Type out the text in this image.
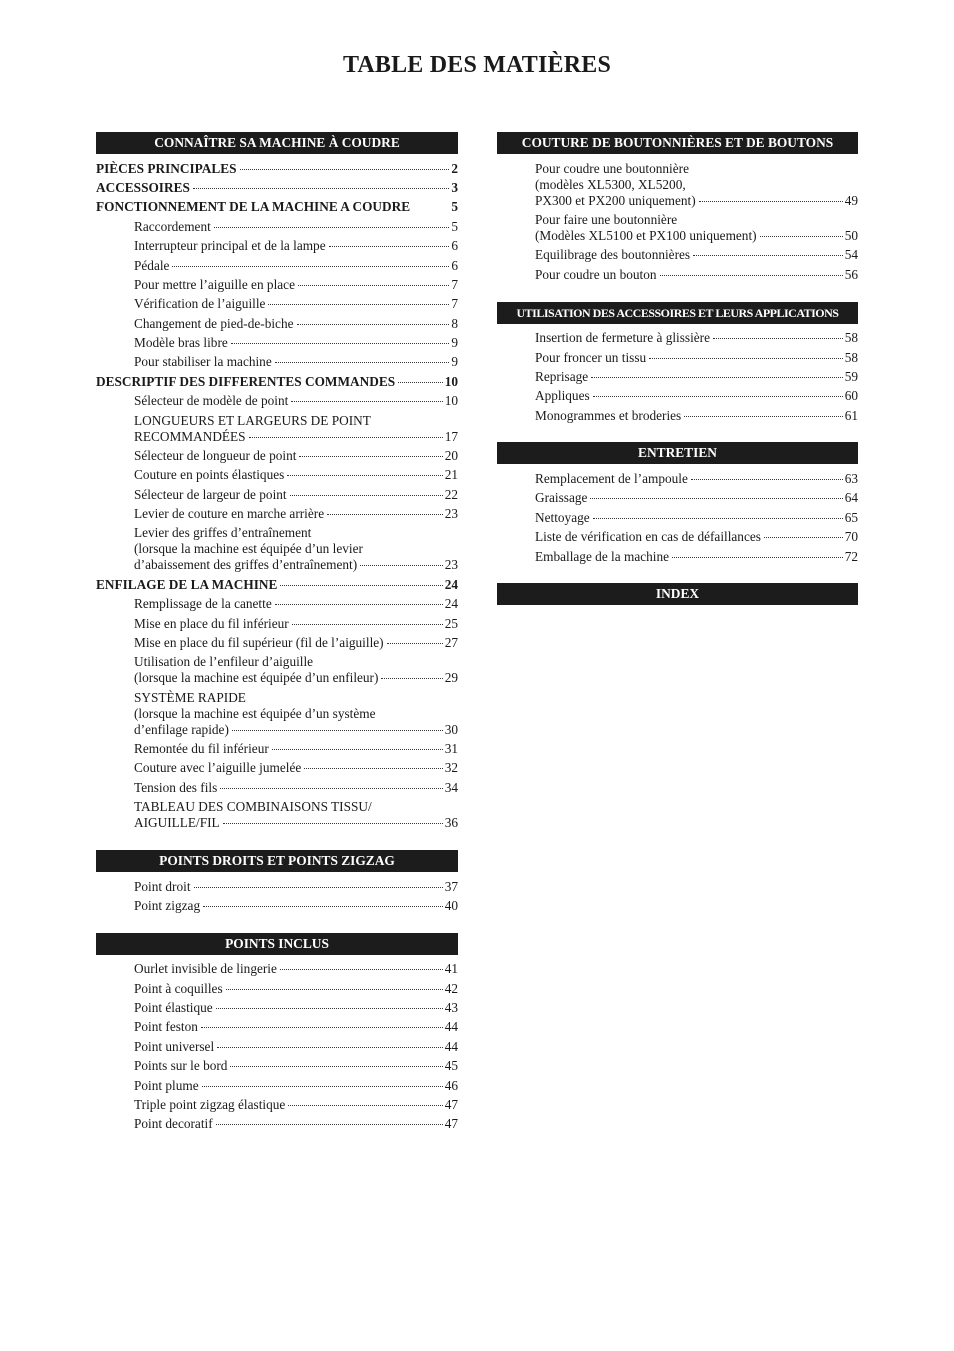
TABLE DES MATIÈRES
CONNAÎTRE SA MACHINE À COUDRE
PIÈCES PRINCIPALES	2
ACCESSOIRES	3
FONCTIONNEMENT DE LA MACHINE A COUDRE	5
Raccordement	5
Interrupteur principal et de la lampe	6
Pédale	6
Pour mettre l’aiguille en place	7
Vérification de l’aiguille	7
Changement de pied-de-biche	8
Modèle bras libre	9
Pour stabiliser la machine	9
DESCRIPTIF DES DIFFERENTES COMMANDES	10
Sélecteur de modèle de point	10
LONGUEURS ET LARGEURS DE POINT
RECOMMANDÉES	17
Sélecteur de longueur de point	20
Couture en points élastiques	21
Sélecteur de largeur de point	22
Levier de couture en marche arrière	23
Levier des griffes d’entraînement
(lorsque la machine est équipée d’un levier
d’abaissement des griffes d’entraînement)	23
ENFILAGE DE LA MACHINE	24
Remplissage de la canette	24
Mise en place du fil inférieur	25
Mise en place du fil supérieur (fil de l’aiguille)	27
Utilisation de l’enfileur d’aiguille
(lorsque la machine est équipée d’un enfileur)	29
SYSTÈME RAPIDE
(lorsque la machine est équipée d’un système
d’enfilage rapide)	30
Remontée du fil inférieur	31
Couture avec l’aiguille jumelée	32
Tension des fils	34
TABLEAU DES COMBINAISONS TISSU/
AIGUILLE/FIL	36
POINTS DROITS ET POINTS ZIGZAG
Point droit	37
Point zigzag	40
POINTS INCLUS
Ourlet invisible de lingerie	41
Point à coquilles	42
Point élastique	43
Point feston	44
Point universel	44
Points sur le bord	45
Point plume	46
Triple point zigzag élastique	47
Point decoratif	47
COUTURE DE BOUTONNIÈRES ET DE BOUTONS
Pour coudre une boutonnière
(modèles XL5300, XL5200,
PX300 et PX200 uniquement)	49
Pour faire une boutonnière
(Modèles XL5100 et PX100 uniquement)	50
Equilibrage des boutonnières	54
Pour coudre un bouton	56
UTILISATION DES ACCESSOIRES ET LEURS APPLICATIONS
Insertion de fermeture à glissière	58
Pour froncer un tissu	58
Reprisage	59
Appliques	60
Monogrammes et broderies	61
ENTRETIEN
Remplacement de l’ampoule	63
Graissage	64
Nettoyage	65
Liste de vérification en cas de défaillances	70
Emballage de la machine	72
INDEX
